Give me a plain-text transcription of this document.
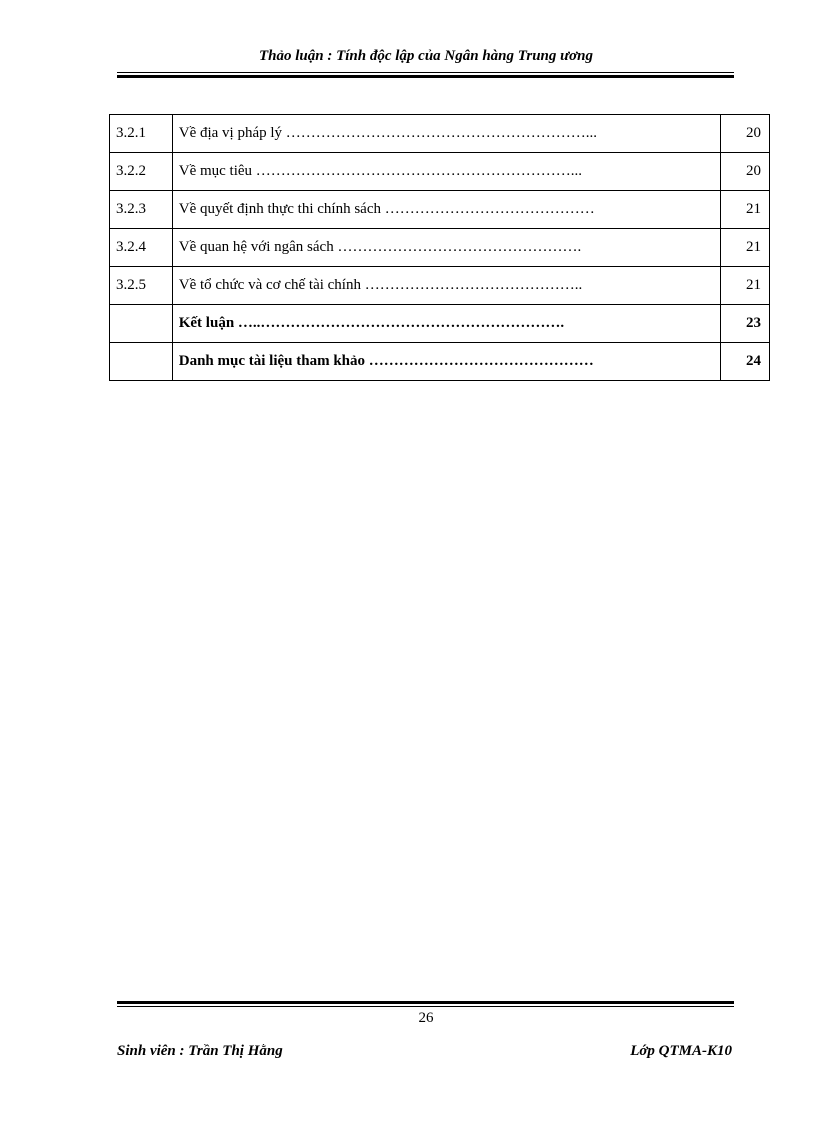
Thảo luận : Tính độc lập của Ngân hàng Trung ương
3.2.1	Về địa vị pháp lý ……………………………………………………...	20
3.2.2	Về mục tiêu ………………………………………………………...	20
3.2.3	Về quyết định thực thi chính sách ……………………………………	21
3.2.4	Về quan hệ với ngân sách ………………………………………….	21
3.2.5	Về tổ chức và cơ chế tài chính ……………………………………..	21
	Kết luận …..…………………………………………………….	23
	Danh mục tài liệu tham khảo ………………………………………	24
26
Sinh viên : Trần Thị Hằng	Lớp QTMA-K10
